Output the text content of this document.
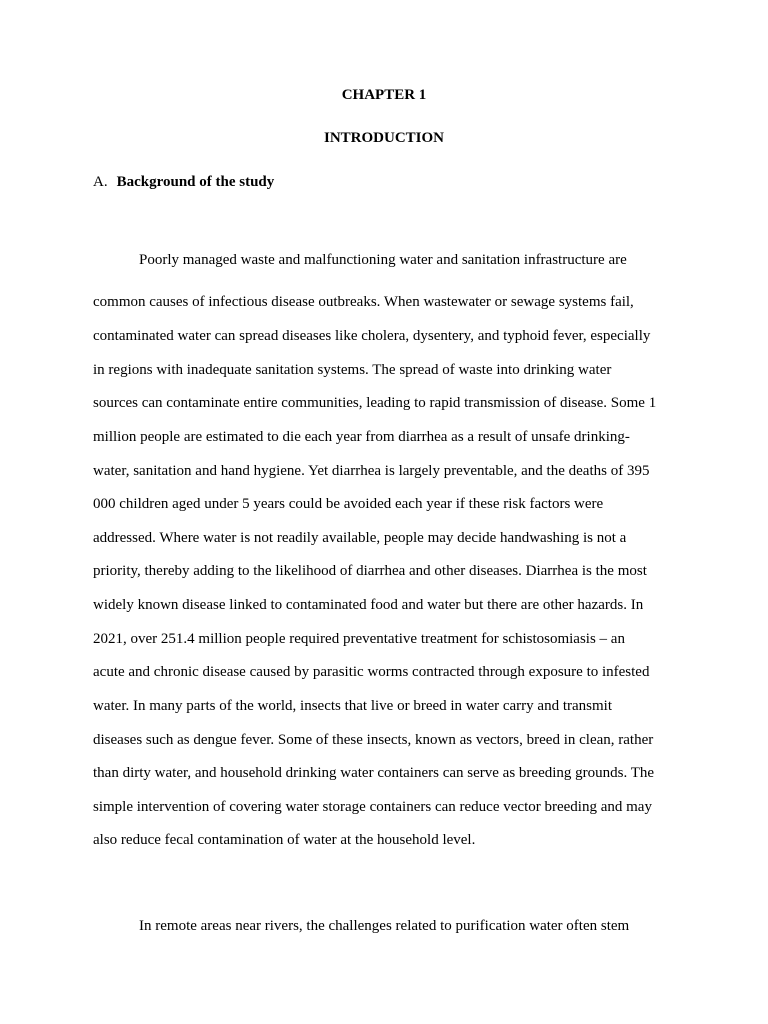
CHAPTER 1
INTRODUCTION
A. Background of the study
Poorly managed waste and malfunctioning water and sanitation infrastructure are
common causes of infectious disease outbreaks. When wastewater or sewage systems fail,
contaminated water can spread diseases like cholera, dysentery, and typhoid fever, especially
in regions with inadequate sanitation systems. The spread of waste into drinking water
sources can contaminate entire communities, leading to rapid transmission of disease. Some 1
million people are estimated to die each year from diarrhea as a result of unsafe drinking-
water, sanitation and hand hygiene. Yet diarrhea is largely preventable, and the deaths of 395
000 children aged under 5 years could be avoided each year if these risk factors were
addressed. Where water is not readily available, people may decide handwashing is not a
priority, thereby adding to the likelihood of diarrhea and other diseases. Diarrhea is the most
widely known disease linked to contaminated food and water but there are other hazards. In
2021, over 251.4 million people required preventative treatment for schistosomiasis – an
acute and chronic disease caused by parasitic worms contracted through exposure to infested
water. In many parts of the world, insects that live or breed in water carry and transmit
diseases such as dengue fever. Some of these insects, known as vectors, breed in clean, rather
than dirty water, and household drinking water containers can serve as breeding grounds. The
simple intervention of covering water storage containers can reduce vector breeding and may
also reduce fecal contamination of water at the household level.
In remote areas near rivers, the challenges related to purification water often stem
